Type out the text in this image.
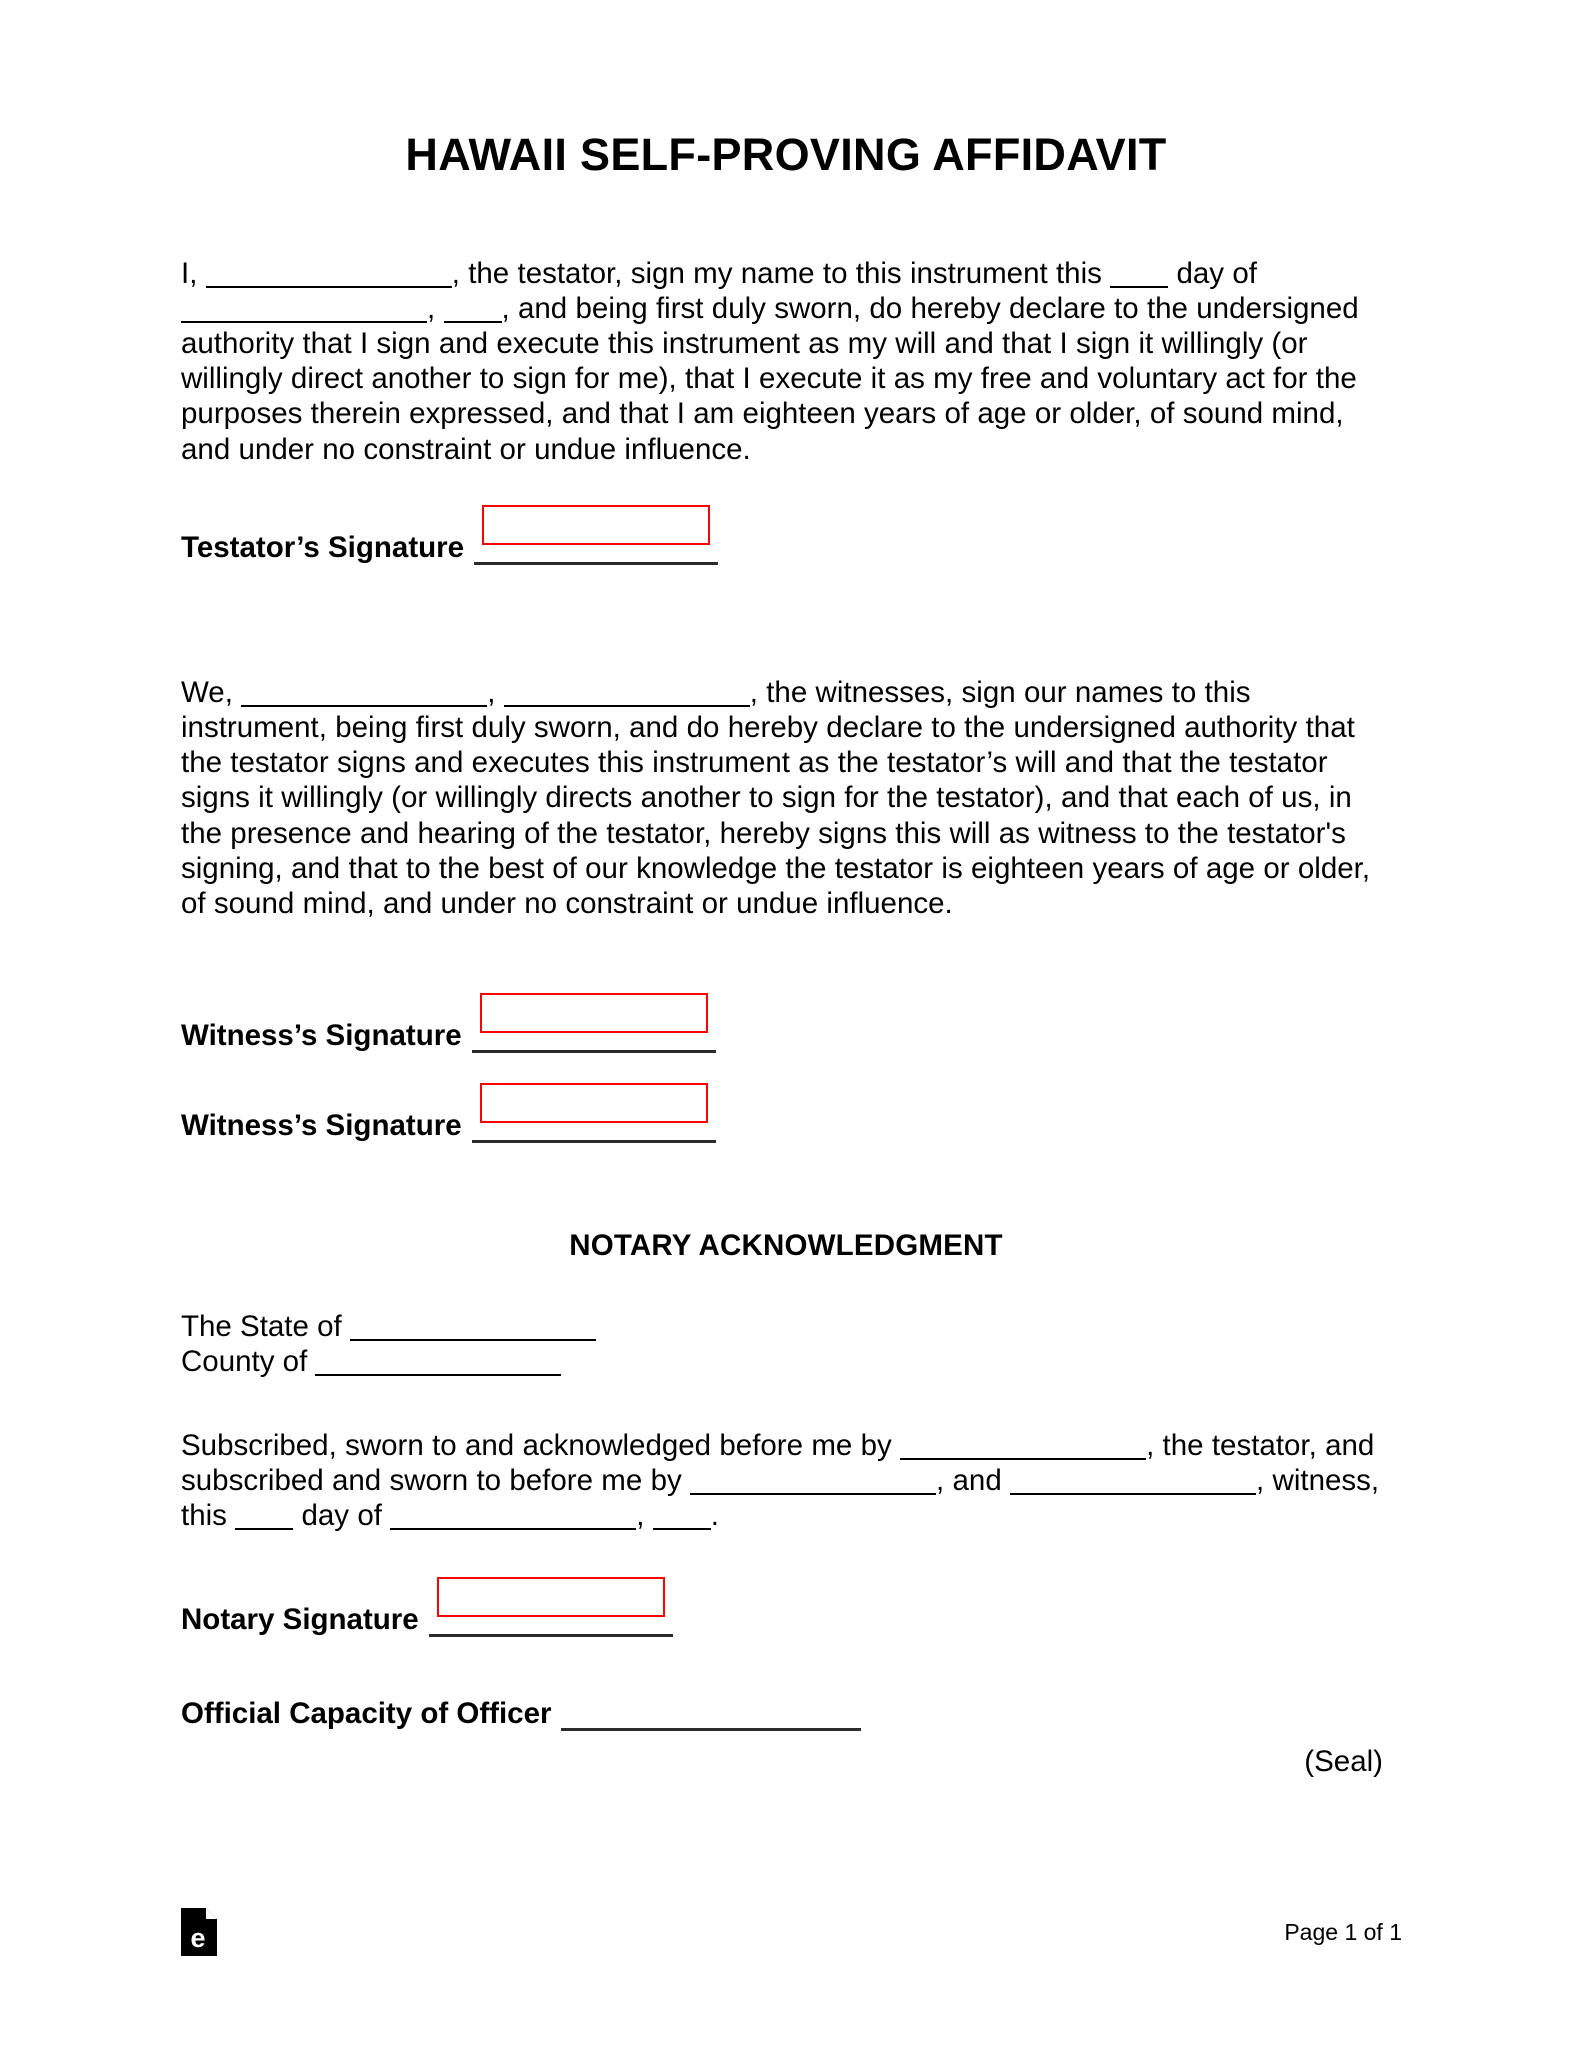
HAWAII SELF-PROVING AFFIDAVIT
I,	, the testator, sign my name to this instrument this  day of , , and being first duly sworn, do hereby declare to the undersigned authority that I sign and execute this instrument as my will and that I sign it willingly (or willingly direct another to sign for me), that I execute it as my free and voluntary act for the purposes therein expressed, and that I am eighteen years of age or older, of sound mind, and under no constraint or undue influence.
Testator’s Signature
We,	,	, the witnesses, sign our names to this instrument, being first duly sworn, and do hereby declare to the undersigned authority that the testator signs and executes this instrument as the testator’s will and that the testator signs it willingly (or willingly directs another to sign for the testator), and that each of us, in the presence and hearing of the testator, hereby signs this will as witness to the testator's signing, and that to the best of our knowledge the testator is eighteen years of age or older, of sound mind, and under no constraint or undue influence.
Witness’s Signature
Witness’s Signature
NOTARY ACKNOWLEDGMENT
The State of
County of
Subscribed, sworn to and acknowledged before me by	, the testator, and subscribed and sworn to before me by	, and	, witness, this  day of	, .
Notary Signature
Official Capacity of Officer
(Seal)
e	Page 1 of 1
